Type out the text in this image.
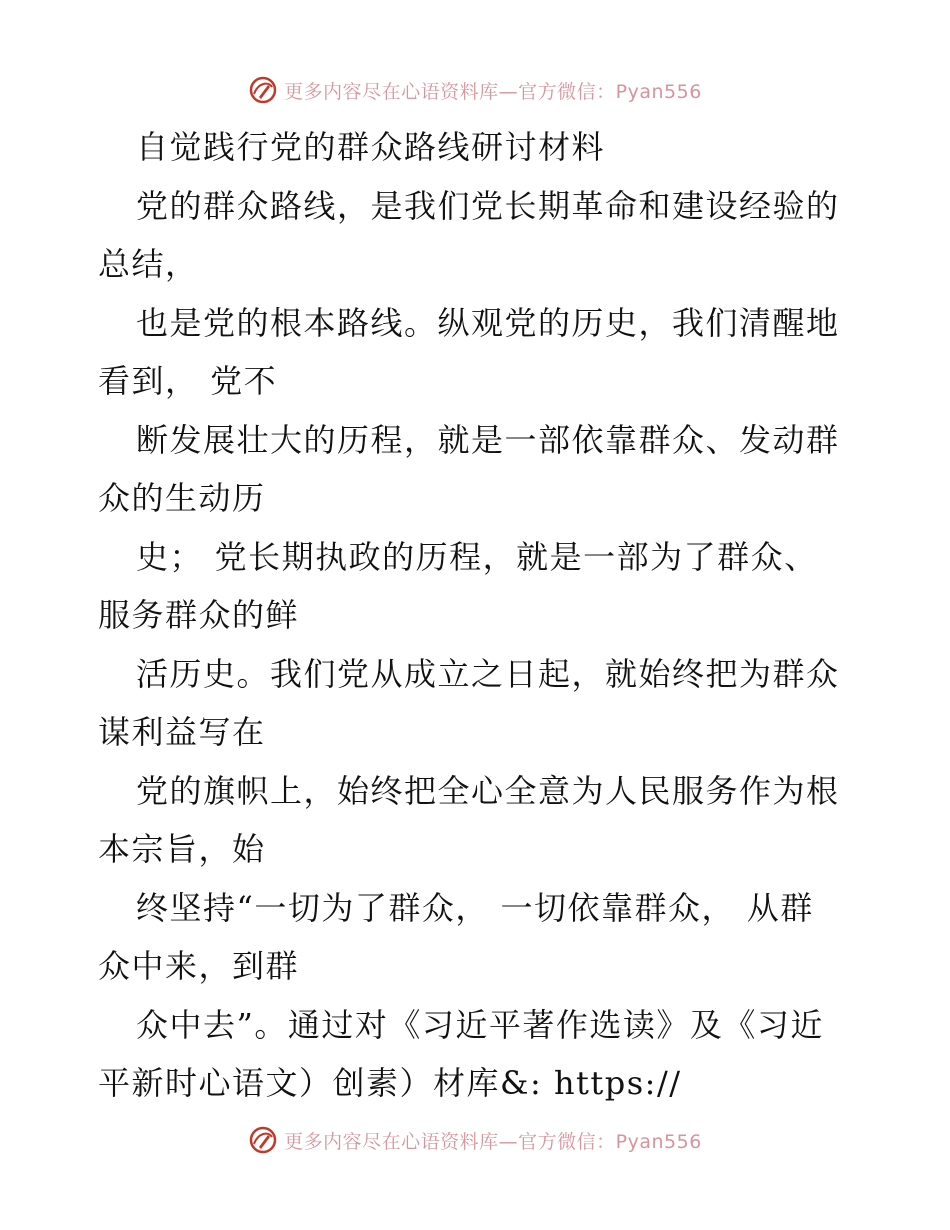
更多内容尽在心语资料库—官方微信：Pyan556
自觉践行党的群众路线研讨材料
党的群众路线，是我们党长期革命和建设经验的
总结，
也是党的根本路线。纵观党的历史，我们清醒地
看到， 党不
断发展壮大的历程，就是一部依靠群众、发动群
众的生动历
史； 党长期执政的历程，就是一部为了群众、
服务群众的鲜
活历史。我们党从成立之日起，就始终把为群众
谋利益写在
党的旗帜上，始终把全心全意为人民服务作为根
本宗旨，始
终坚持“一切为了群众， 一切依靠群众， 从群
众中来，到群
众中去”。通过对《习近平著作选读》及《习近
平新时心语文）创素）材库&: https://
更多内容尽在心语资料库—官方微信：Pyan556
